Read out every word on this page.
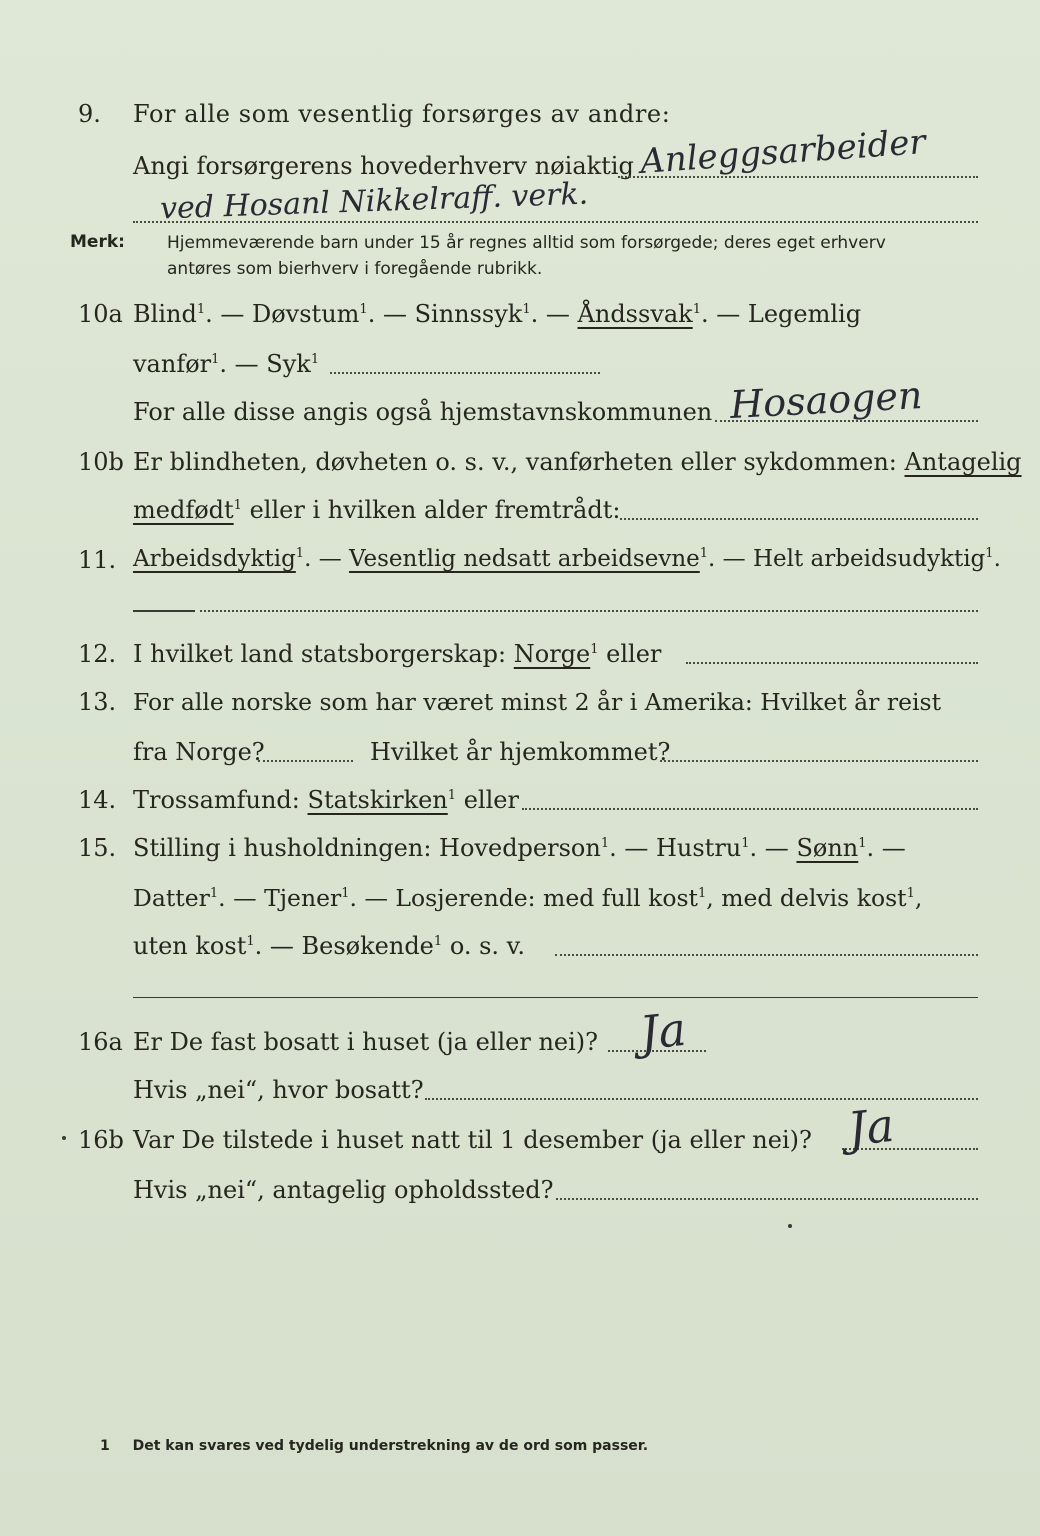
9. For alle som vesentlig forsørges av andre:
Angi forsørgerens hovederhverv nøiaktig Anleggsarbeider
ved Hosanl Nikkelraff. verk.
Merk: Hjemmeværende barn under 15 år regnes alltid som forsørgede; deres eget erhverv
antøres som bierhverv i foregående rubrikk.
10a Blind$^1$. — Døvstum$^1$. — Sinnssyk$^1$. — Åndssvak$^1$. — Legemlig
vanfør$^1$. — Syk$^1$
For alle disse angis også hjemstavnskommunen Hosaogen
10b Er blindheten, døvheten o. s. v., vanførheten eller sykdommen: Antagelig
medfødt$^1$ eller i hvilken alder fremtrådt:
11. Arbeidsdyktig$^1$. — Vesentlig nedsatt arbeidsevne$^1$. — Helt arbeidsudyktig$^1$.
12. I hvilket land statsborgerskap: Norge$^1$ eller
13. For alle norske som har været minst 2 år i Amerika: Hvilket år reist
fra Norge?	Hvilket år hjemkommet?
14. Trossamfund: Statskirken$^1$ eller
15. Stilling i husholdningen: Hovedperson$^1$. — Hustru$^1$. — Sønn$^1$. —
Datter$^1$. — Tjener$^1$. — Losjerende: med full kost$^1$, med delvis kost$^1$,
uten kost$^1$. — Besøkende$^1$ o. s. v.
16a Er De fast bosatt i huset (ja eller nei)? Ja
Hvis „nei“, hvor bosatt?
16b Var De tilstede i huset natt til 1 desember (ja eller nei)? Ja
Hvis „nei“, antagelig opholdssted?
1 Det kan svares ved tydelig understrekning av de ord som passer.
